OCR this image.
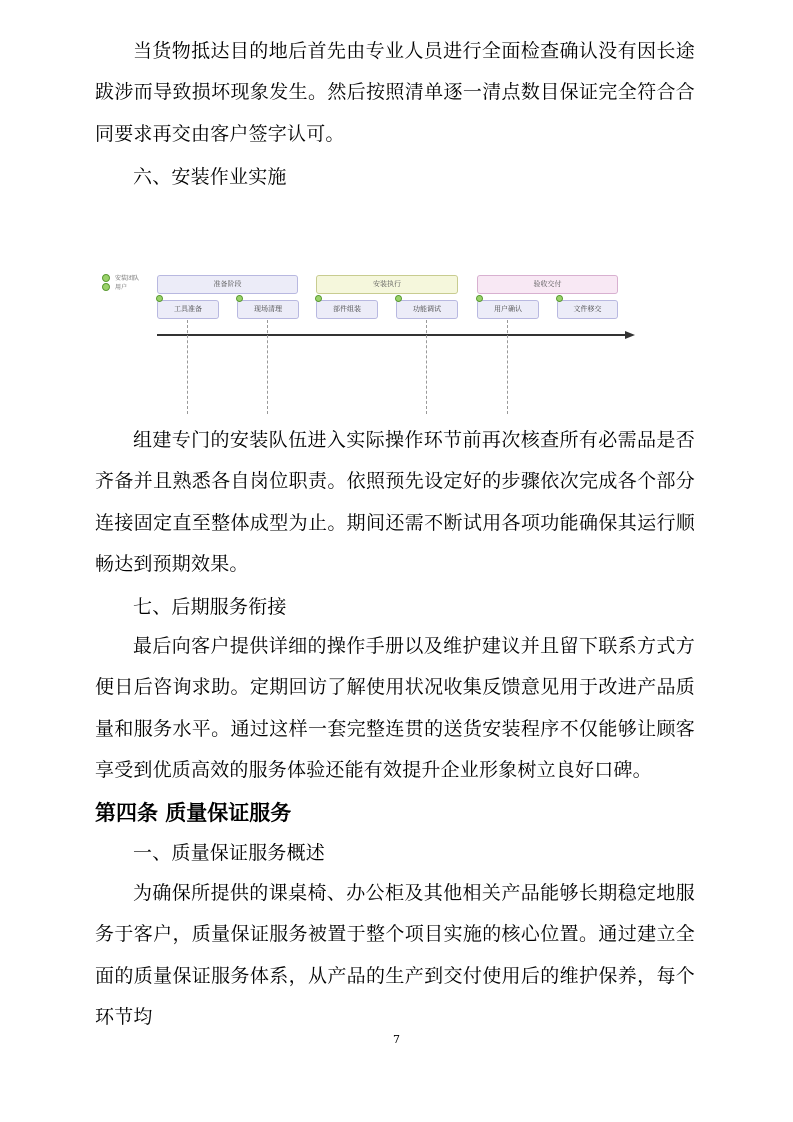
当货物抵达目的地后首先由专业人员进行全面检查确认没有因长途跋涉而导致损坏现象发生。然后按照清单逐一清点数目保证完全符合合同要求再交由客户签字认可。

六、安装作业实施

安装团队
用户	准备阶段	安装执行	验收交付
工具准备	现场清理	部件组装	功能调试	用户确认	文件移交

组建专门的安装队伍进入实际操作环节前再次核查所有必需品是否齐备并且熟悉各自岗位职责。依照预先设定好的步骤依次完成各个部分连接固定直至整体成型为止。期间还需不断试用各项功能确保其运行顺畅达到预期效果。

七、后期服务衔接

最后向客户提供详细的操作手册以及维护建议并且留下联系方式方便日后咨询求助。定期回访了解使用状况收集反馈意见用于改进产品质量和服务水平。通过这样一套完整连贯的送货安装程序不仅能够让顾客享受到优质高效的服务体验还能有效提升企业形象树立良好口碑。

第四条 质量保证服务

一、质量保证服务概述

为确保所提供的课桌椅、办公柜及其他相关产品能够长期稳定地服务于客户，质量保证服务被置于整个项目实施的核心位置。通过建立全面的质量保证服务体系，从产品的生产到交付使用后的维护保养，每个环节均

7
